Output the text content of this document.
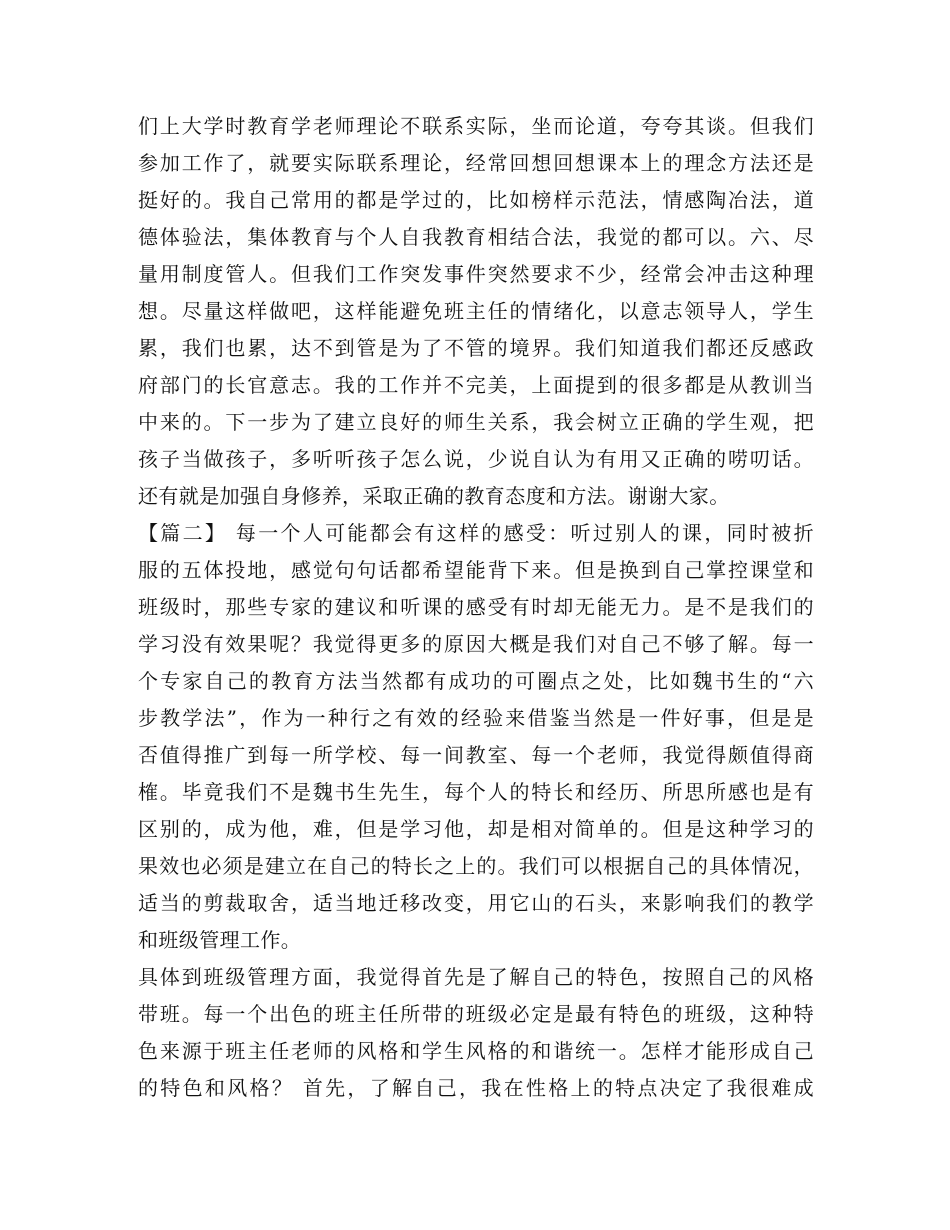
们上大学时教育学老师理论不联系实际，坐而论道，夸夸其谈。但我们
参加工作了，就要实际联系理论，经常回想回想课本上的理念方法还是
挺好的。我自己常用的都是学过的，比如榜样示范法，情感陶冶法，道
德体验法，集体教育与个人自我教育相结合法，我觉的都可以。六、尽
量用制度管人。但我们工作突发事件突然要求不少，经常会冲击这种理
想。尽量这样做吧，这样能避免班主任的情绪化，以意志领导人，学生
累，我们也累，达不到管是为了不管的境界。我们知道我们都还反感政
府部门的长官意志。我的工作并不完美，上面提到的很多都是从教训当
中来的。下一步为了建立良好的师生关系，我会树立正确的学生观，把
孩子当做孩子，多听听孩子怎么说，少说自认为有用又正确的唠叨话。
还有就是加强自身修养，采取正确的教育态度和方法。谢谢大家。
【篇二】 每一个人可能都会有这样的感受：听过别人的课，同时被折
服的五体投地，感觉句句话都希望能背下来。但是换到自己掌控课堂和
班级时，那些专家的建议和听课的感受有时却无能无力。是不是我们的
学习没有效果呢？我觉得更多的原因大概是我们对自己不够了解。每一
个专家自己的教育方法当然都有成功的可圈点之处，比如魏书生的“六
步教学法”，作为一种行之有效的经验来借鉴当然是一件好事，但是是
否值得推广到每一所学校、每一间教室、每一个老师，我觉得颇值得商
榷。毕竟我们不是魏书生先生，每个人的特长和经历、所思所感也是有
区别的，成为他，难，但是学习他，却是相对简单的。但是这种学习的
果效也必须是建立在自己的特长之上的。我们可以根据自己的具体情况，
适当的剪裁取舍，适当地迁移改变，用它山的石头，来影响我们的教学
和班级管理工作。
具体到班级管理方面，我觉得首先是了解自己的特色，按照自己的风格
带班。每一个出色的班主任所带的班级必定是最有特色的班级，这种特
色来源于班主任老师的风格和学生风格的和谐统一。怎样才能形成自己
的特色和风格？ 首先，了解自己，我在性格上的特点决定了我很难成
